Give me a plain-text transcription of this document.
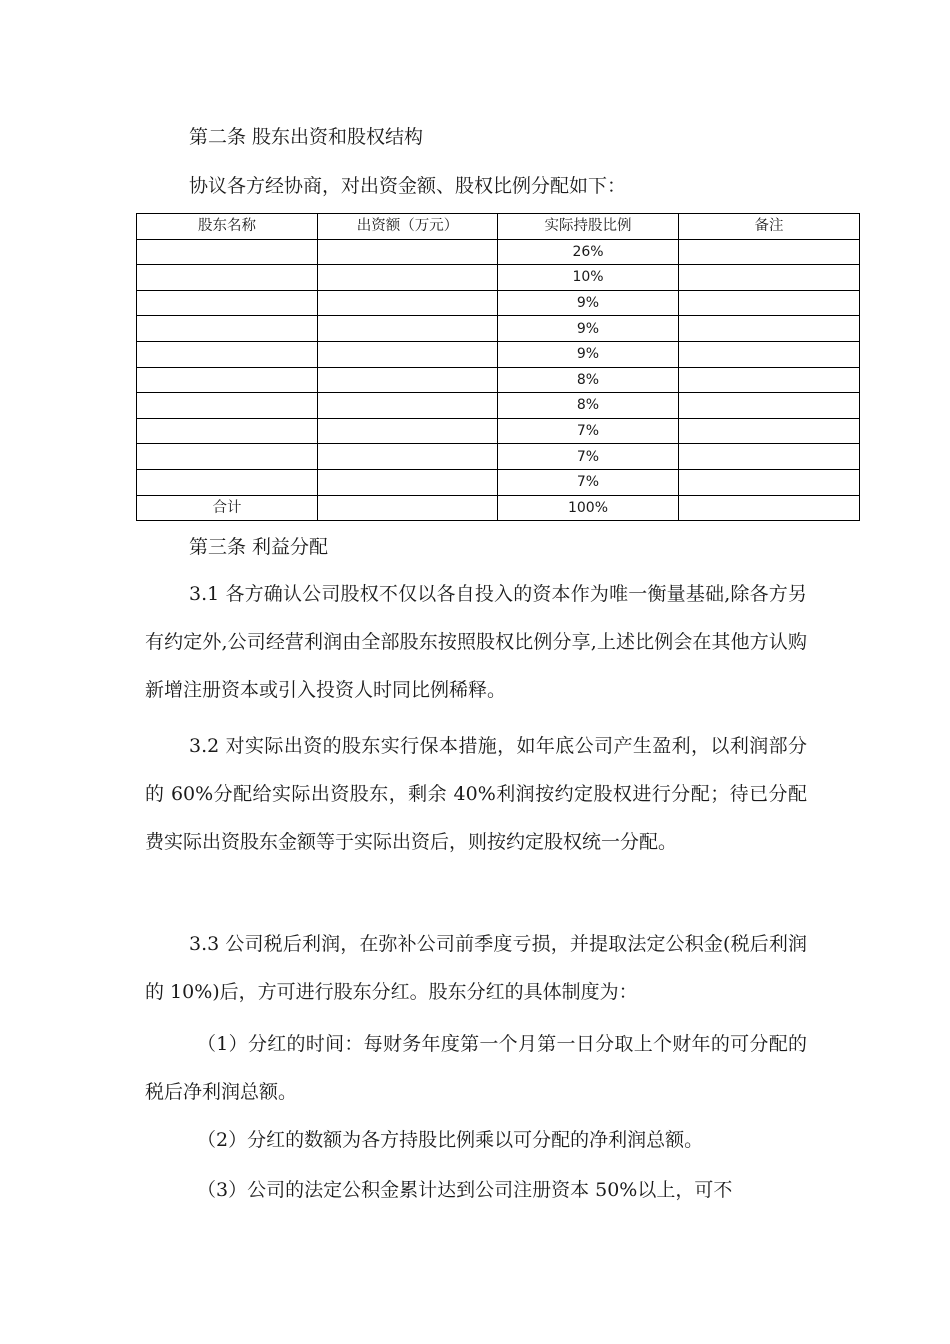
第二条 股东出资和股权结构
协议各方经协商，对出资金额、股权比例分配如下：
股东名称	出资额（万元）	实际持股比例	备注
		26%	
		10%	
		9%	
		9%	
		9%	
		8%	
		8%	
		7%	
		7%	
		7%	
合计		100%	
第三条 利益分配

3.1 各方确认公司股权不仅以各自投入的资本作为唯一衡量基础,除各方另有约定外,公司经营利润由全部股东按照股权比例分享,上述比例会在其他方认购新增注册资本或引入投资人时同比例稀释。

3.2 对实际出资的股东实行保本措施，如年底公司产生盈利，以利润部分的 60%分配给实际出资股东，剩余 40%利润按约定股权进行分配；待已分配费实际出资股东金额等于实际出资后，则按约定股权统一分配。

3.3 公司税后利润，在弥补公司前季度亏损，并提取法定公积金(税后利润的 10%)后，方可进行股东分红。股东分红的具体制度为：

（1）分红的时间：每财务年度第一个月第一日分取上个财年的可分配的税后净利润总额。

（2）分红的数额为各方持股比例乘以可分配的净利润总额。

（3）公司的法定公积金累计达到公司注册资本 50%以上，可不
